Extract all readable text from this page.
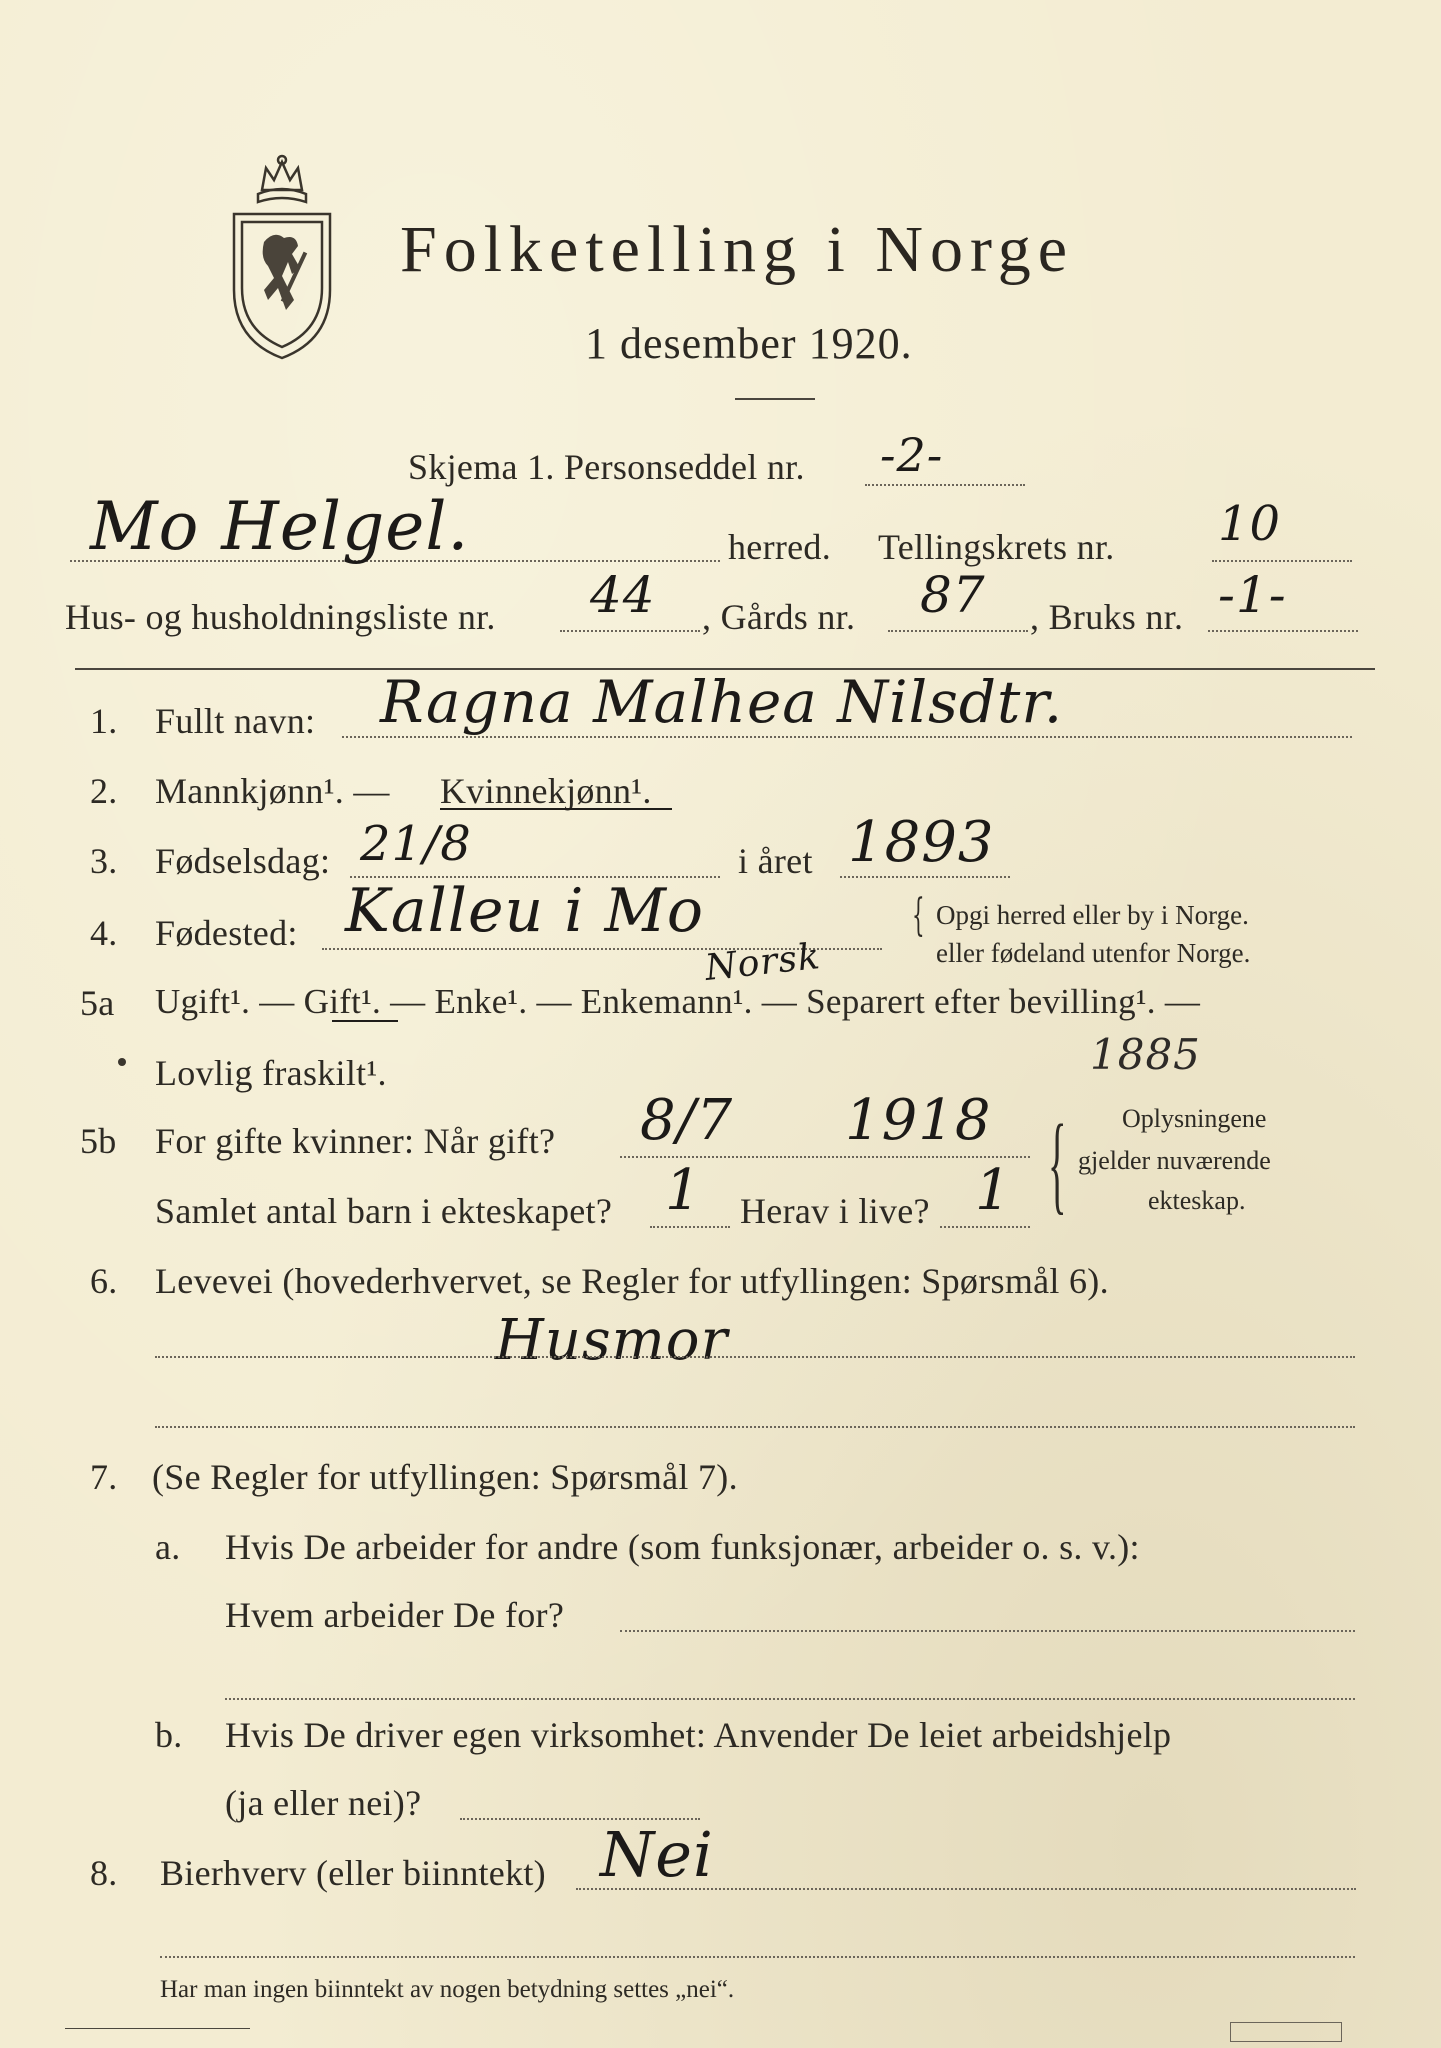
Folketelling i Norge
1 desember 1920.
Skjema 1. Personseddel nr. -2-
Mo Helgel.	herred. Tellingskrets nr. 10
Hus- og husholdningsliste nr. 44 , Gårds nr. 87 , Bruks nr. -1-
1. Fullt navn: Ragna Malhea Nilsdtr.
2. Mannkjønn¹. — Kvinnekjønn¹.
3. Fødselsdag: 21/8	i året 1893
4. Fødested: Kalleu i Mo	{ Opgi herred eller by i Norge.
eller fødeland utenfor Norge.
Norsk
5a Ugift¹. — Gift¹. — Enke¹. — Enkemann¹. — Separert efter bevilling¹. —
Lovlig fraskilt¹.	1885
5b For gifte kvinner: Når gift? 8/7 1918 { Oplysningene
gjelder nuværende
ekteskap.
Samlet antal barn i ekteskapet? 1 Herav i live? 1
6. Levevei (hovederhvervet, se Regler for utfyllingen: Spørsmål 6).
Husmor
7. (Se Regler for utfyllingen: Spørsmål 7).
a. Hvis De arbeider for andre (som funksjonær, arbeider o. s. v.):
Hvem arbeider De for?
b. Hvis De driver egen virksomhet: Anvender De leiet arbeidshjelp
(ja eller nei)?
8. Bierhverv (eller biinntekt) Nei
Har man ingen biinntekt av nogen betydning settes „nei“.
